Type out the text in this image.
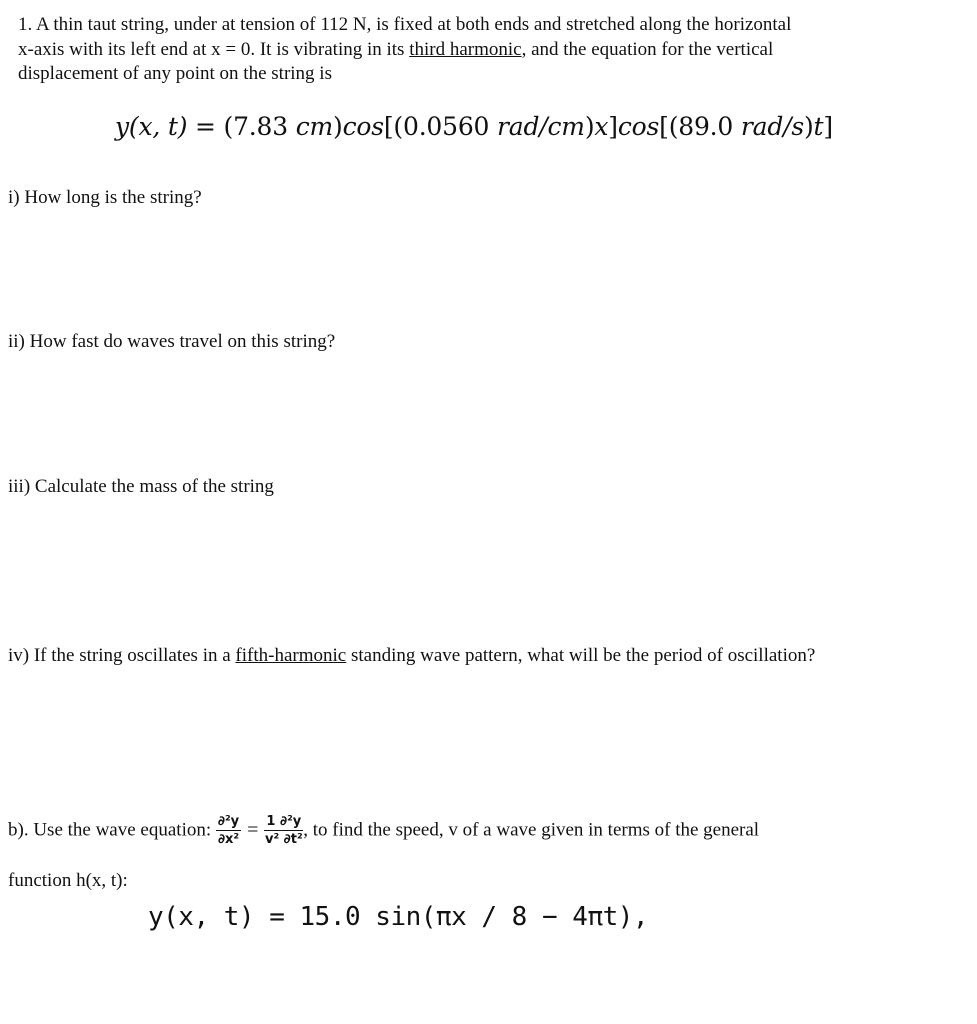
1. A thin taut string, under at tension of 112 N, is fixed at both ends and stretched along the horizontal
x-axis with its left end at x = 0. It is vibrating in its third harmonic, and the equation for the vertical
displacement of any point on the string is
y(x, t) = (7.83 cm)cos[(0.0560 rad/cm)x]cos[(89.0 rad/s)t]
i) How long is the string?
ii) How fast do waves travel on this string?
iii) Calculate the mass of the string
iv) If the string oscillates in a fifth-harmonic standing wave pattern, what will be the period of oscillation?
b). Use the wave equation: $\frac{\text{∂²y}}{\text{∂x²}} = \frac{\text{1 ∂²y}}{\text{v² ∂t²}}$ , to find the speed, v of a wave given in terms of the general
function h(x, t):
y(x, t) = 15.0 sin(πx / 8 − 4πt),
